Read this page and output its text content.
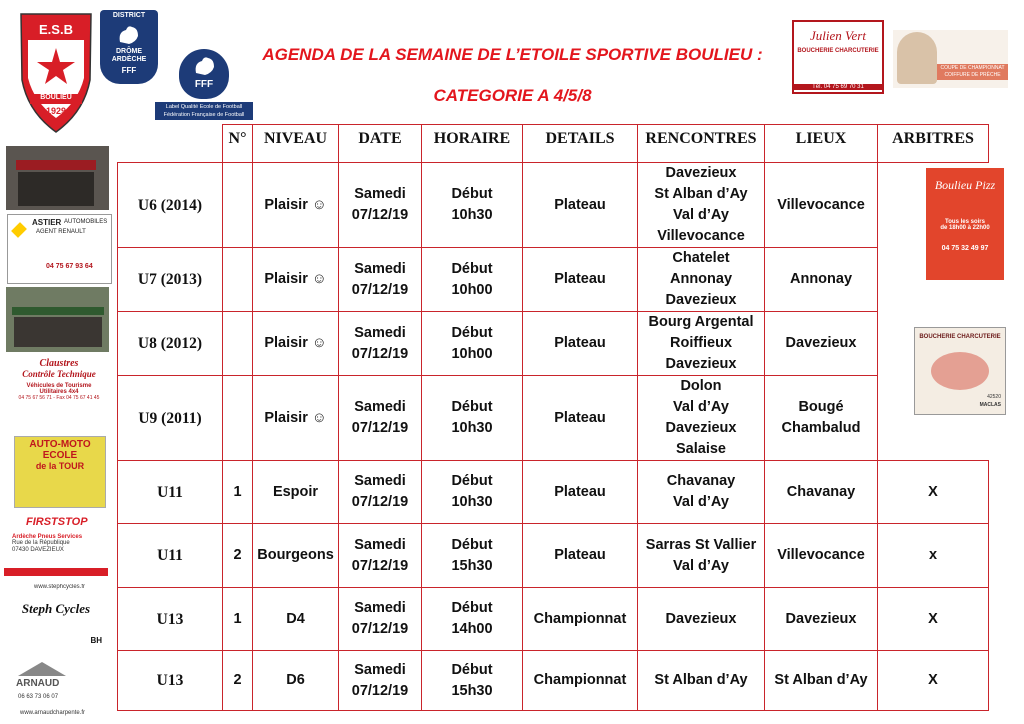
E.S.B
BOULIEU
1929
DISTRICT
DRÔME
ARDÈCHE
FFF
FFF
Label Qualité Ecole de Football
Fédération Française de Football
AGENDA DE LA SEMAINE DE L’ETOILE SPORTIVE BOULIEU :
CATEGORIE A 4/5/8
Julien Vert
BOUCHERIE CHARCUTERIE
Tél. 04 75 69 70 31
COUPE DE CHAMPIONNAT
COIFFURE DE PRÈCHE
ASTIER AUTOMOBILES
AGENT RENAULT
04 75 67 93 64
Claustres
Contrôle Technique
Véhicules de Tourisme
Utilitaires 4x4
04 75 67 56 71 - Fax 04 75 67 41 45
AUTO-MOTO
ECOLE
de la TOUR
FIRSTSTOP
Ardèche Pneus Services
Rue de la République
07430 DAVEZIEUX
www.stephcycles.fr
Steph Cycles
BH
ARNAUD
06 63 73 06 07
www.arnaudcharpente.fr
Boulieu Pizz
Tous les soirs
de 18h00 à 22h00
04 75 32 49 97
BOUCHERIE CHARCUTERIE
42520
MACLAS
	N°	NIVEAU	DATE	HORAIRE	DETAILS	RENCONTRES	LIEUX	ARBITRES
U6 (2014)		Plaisir ☺	Samedi
07/12/19	Début
10h30	Plateau	Davezieux
St Alban d’Ay
Val d’Ay
Villevocance	Villevocance	

U7 (2013)		Plaisir ☺	Samedi
07/12/19	Début
10h00	Plateau	Chatelet
Annonay
Davezieux	Annonay	

U8 (2012)		Plaisir ☺	Samedi
07/12/19	Début
10h00	Plateau	Bourg Argental
Roiffieux
Davezieux	Davezieux	

U9 (2011)		Plaisir ☺	Samedi
07/12/19	Début
10h30	Plateau	Dolon
Val d’Ay
Davezieux
Salaise	Bougé
Chambalud	

U11	1	Espoir	Samedi
07/12/19	Début
10h30	Plateau	Chavanay
Val d’Ay	Chavanay	X
U11	2	Bourgeons	Samedi
07/12/19	Début
15h30	Plateau	Sarras St Vallier
Val d’Ay	Villevocance	x
U13	1	D4	Samedi
07/12/19	Début
14h00	Championnat	Davezieux	Davezieux	X
U13	2	D6	Samedi
07/12/19	Début
15h30	Championnat	St Alban d’Ay	St Alban d’Ay	X
